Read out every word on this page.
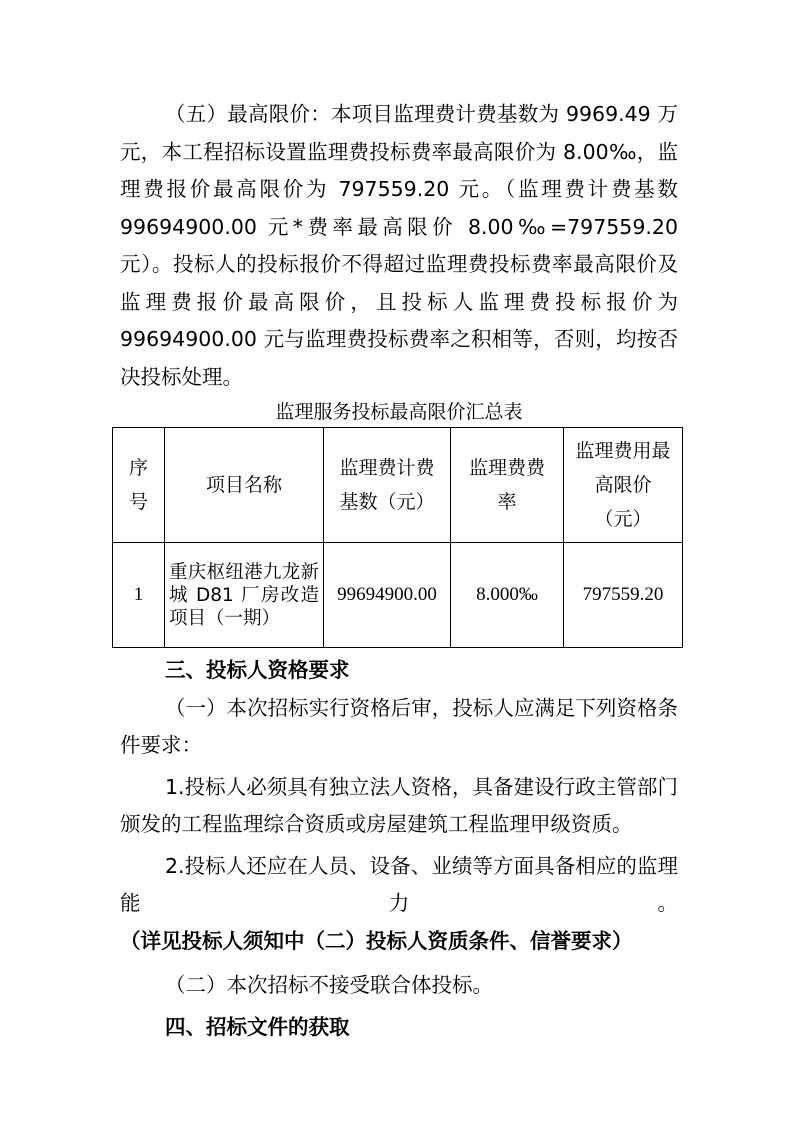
（五）最高限价：本项目监理费计费基数为 9969.49 万元，本工程招标设置监理费投标费率最高限价为 8.00‰，监理费报价最高限价为 797559.20 元。（监理费计费基数99694900.00 元*费率最高限价 8.00‰=797559.20 元）。投标人的投标报价不得超过监理费投标费率最高限价及监理费报价最高限价，且投标人监理费投标报价为 99694900.00 元与监理费投标费率之积相等，否则，均按否决投标处理。

监理服务投标最高限价汇总表

序号	项目名称	监理费计费基数（元）	监理费费率	监理费用最高限价（元）
1	重庆枢纽港九龙新城 D81 厂房改造项目（一期）	99694900.00	8.000‰	797559.20

三、投标人资格要求

（一）本次招标实行资格后审，投标人应满足下列资格条件要求：

1.投标人必须具有独立法人资格，具备建设行政主管部门颁发的工程监理综合资质或房屋建筑工程监理甲级资质。

2.投标人还应在人员、设备、业绩等方面具备相应的监理能力。（详见投标人须知中（二）投标人资质条件、信誉要求）

（二）本次招标不接受联合体投标。

四、招标文件的获取
